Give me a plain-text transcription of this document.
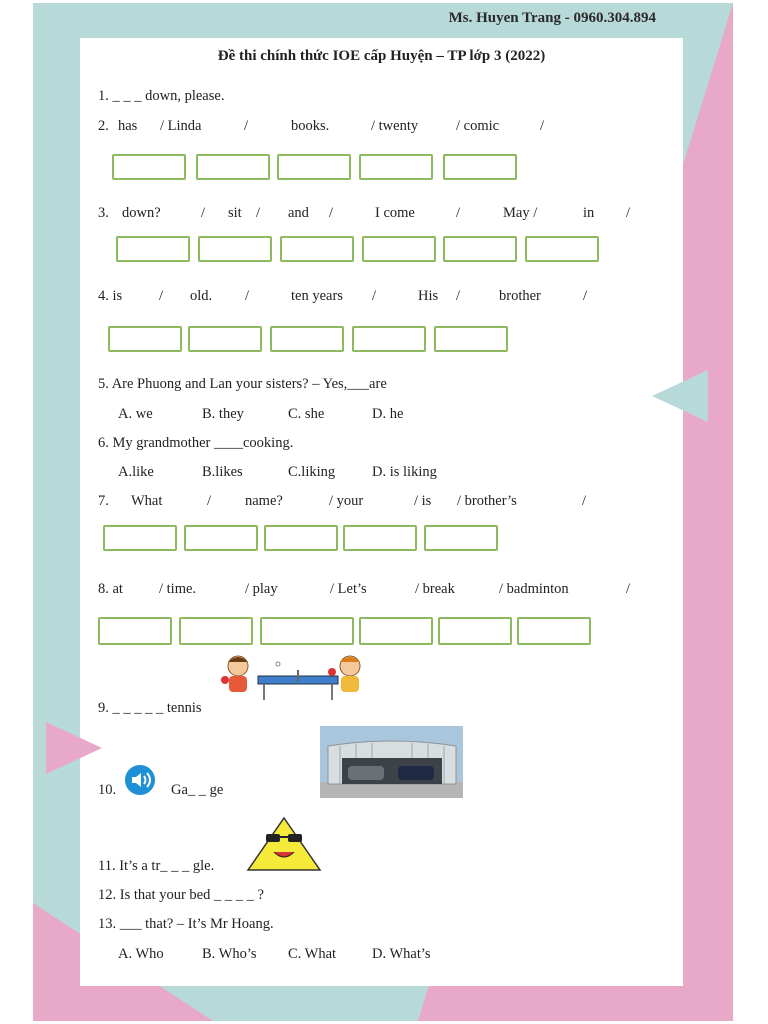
Ms. Huyen Trang - 0960.304.894
Đề thi chính thức IOE cấp Huyện – TP lớp 3 (2022)
1. _ _ _ down, please.
2. has / Linda	/	books.	/ twenty	/ comic	/
3. down?	/ sit / and /	I come	/	May /	in /
4. is	/ old. /	ten years /	His /	brother	/
5. Are Phuong and Lan your sisters? – Yes,___are
A. we	B. they	C. she	D. he
6. My grandmother ____cooking.
A.like	B.likes	C.liking	D. is liking
7. What	/ name?	/ your	/ is / brother’s	/
8. at / time.	/ play	/ Let’s	/ break	/ badminton	/
9. _ _ _ _ _ tennis
10.	Ga_ _ ge
11. It’s a tr_ _ _ gle.
12. Is that your bed _ _ _ _ ?
13. ___ that? – It’s Mr Hoang.
A. Who	B. Who’s C. What D. What’s
